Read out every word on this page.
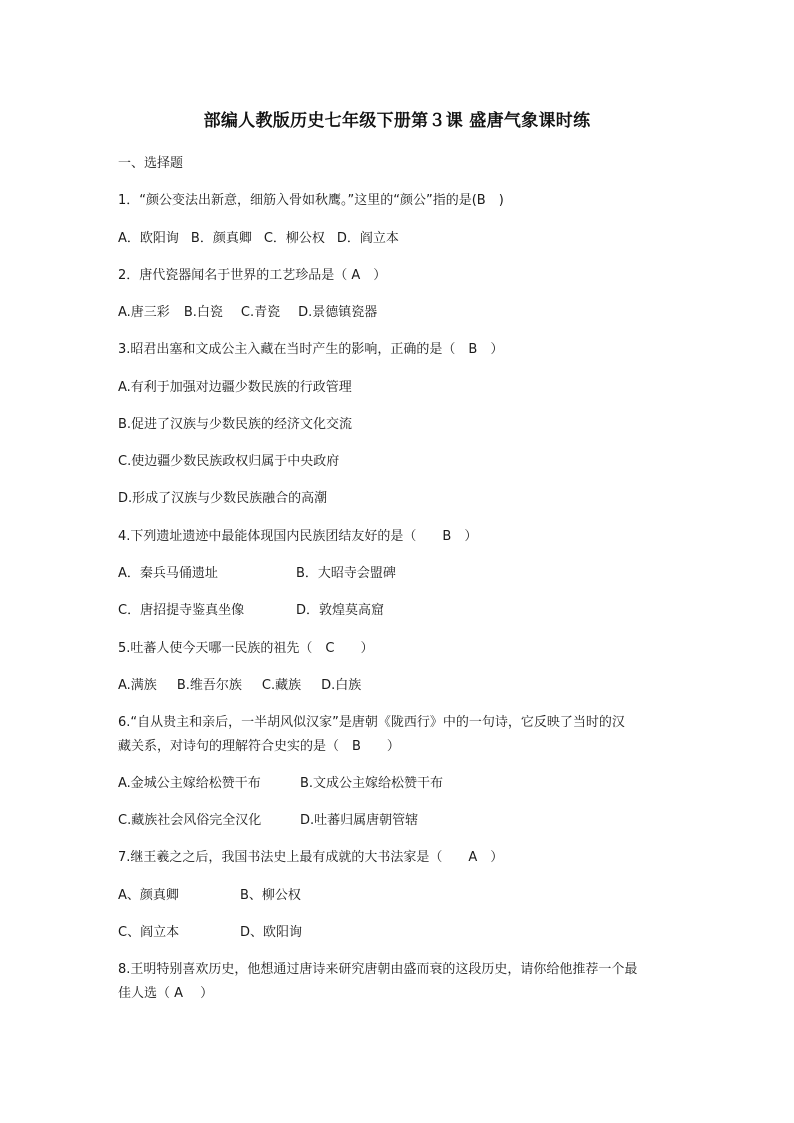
部编人教版历史七年级下册第３课 盛唐气象课时练
一、选择题
1．“颜公变法出新意，细筋入骨如秋鹰。”这里的“颜公”指的是(B　)
A．欧阳询 B．颜真卿 C．柳公权 D．阎立本
2．唐代瓷器闻名于世界的工艺珍品是（ A　）
A.唐三彩 B.白瓷 C.青瓷 D.景德镇瓷器
3.昭君出塞和文成公主入藏在当时产生的影响，正确的是（　B　）
A.有利于加强对边疆少数民族的行政管理
B.促进了汉族与少数民族的经济文化交流
C.使边疆少数民族政权归属于中央政府
D.形成了汉族与少数民族融合的高潮
4.下列遗址遗迹中最能体现国内民族团结友好的是（　　B　）
A．秦兵马俑遗址	B．大昭寺会盟碑
C．唐招提寺鉴真坐像	D．敦煌莫高窟
5.吐蕃人使今天哪一民族的祖先（　C　　）
A.满族 B.维吾尔族 C.藏族 D.白族
6.“自从贵主和亲后，一半胡风似汉家”是唐朝《陇西行》中的一句诗，它反映了当时的汉
藏关系，对诗句的理解符合史实的是（　B　　）
A.金城公主嫁给松赞干布	B.文成公主嫁给松赞干布
C.藏族社会风俗完全汉化	D.吐蕃归属唐朝管辖
7.继王羲之之后，我国书法史上最有成就的大书法家是（　　A　）
A、颜真卿	B、柳公权
C、阎立本	D、欧阳询
8.王明特别喜欢历史，他想通过唐诗来研究唐朝由盛而衰的这段历史，请你给他推荐一个最
佳人选（ A　 ）
